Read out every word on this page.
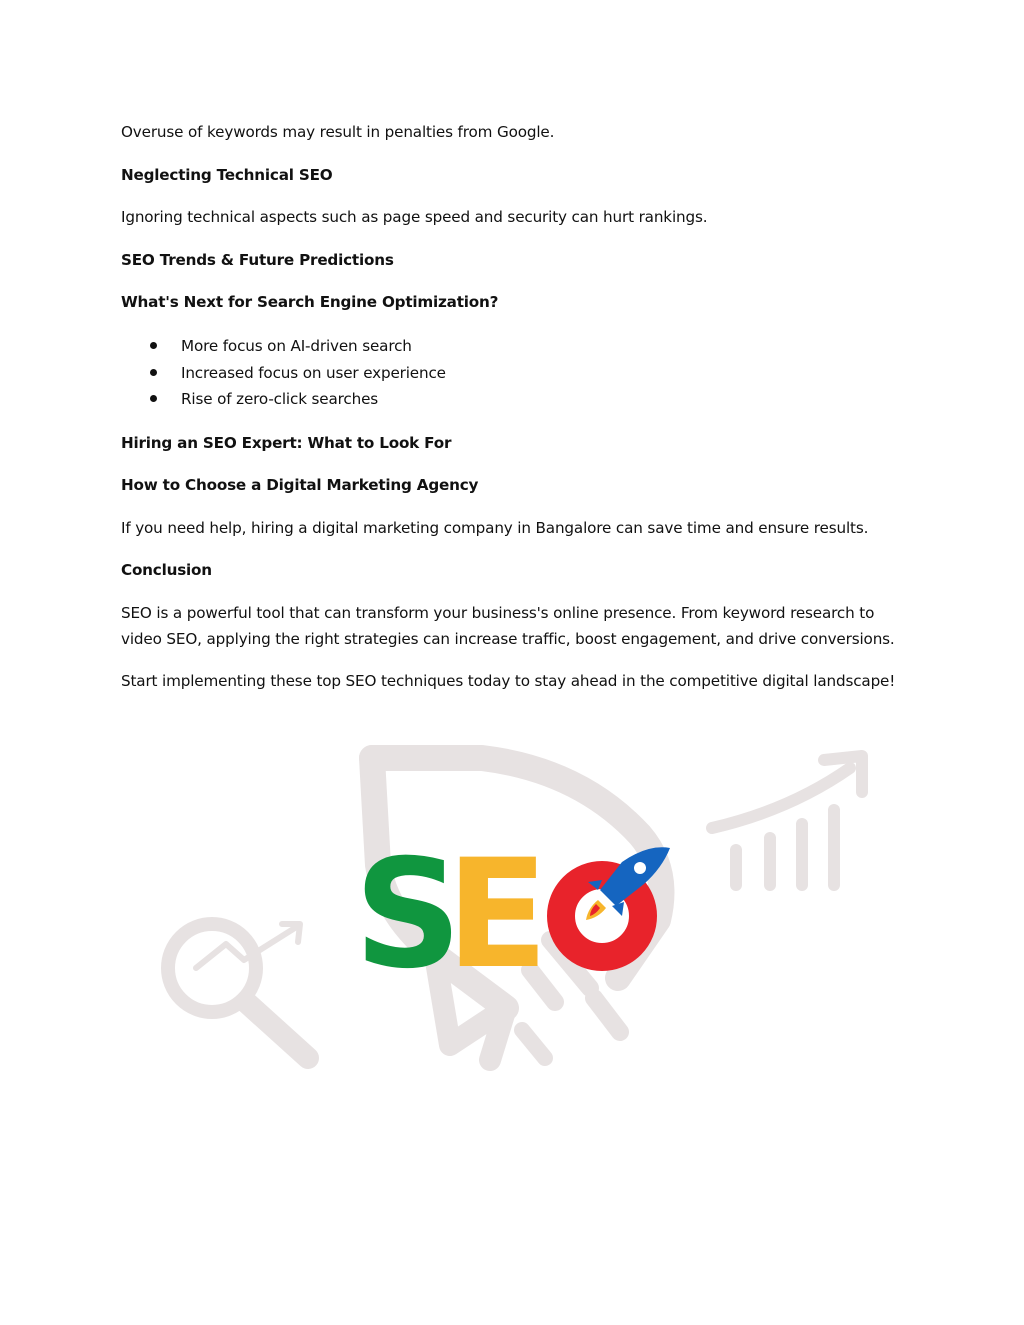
Overuse of keywords may result in penalties from Google.
Neglecting Technical SEO
Ignoring technical aspects such as page speed and security can hurt rankings.
SEO Trends & Future Predictions
What's Next for Search Engine Optimization?
More focus on AI-driven search
Increased focus on user experience
Rise of zero-click searches
Hiring an SEO Expert: What to Look For
How to Choose a Digital Marketing Agency
If you need help, hiring a digital marketing company in Bangalore can save time and ensure results.
Conclusion
SEO is a powerful tool that can transform your business's online presence. From keyword research to
video SEO, applying the right strategies can increase traffic, boost engagement, and drive conversions.
Start implementing these top SEO techniques today to stay ahead in the competitive digital landscape!
S
E
